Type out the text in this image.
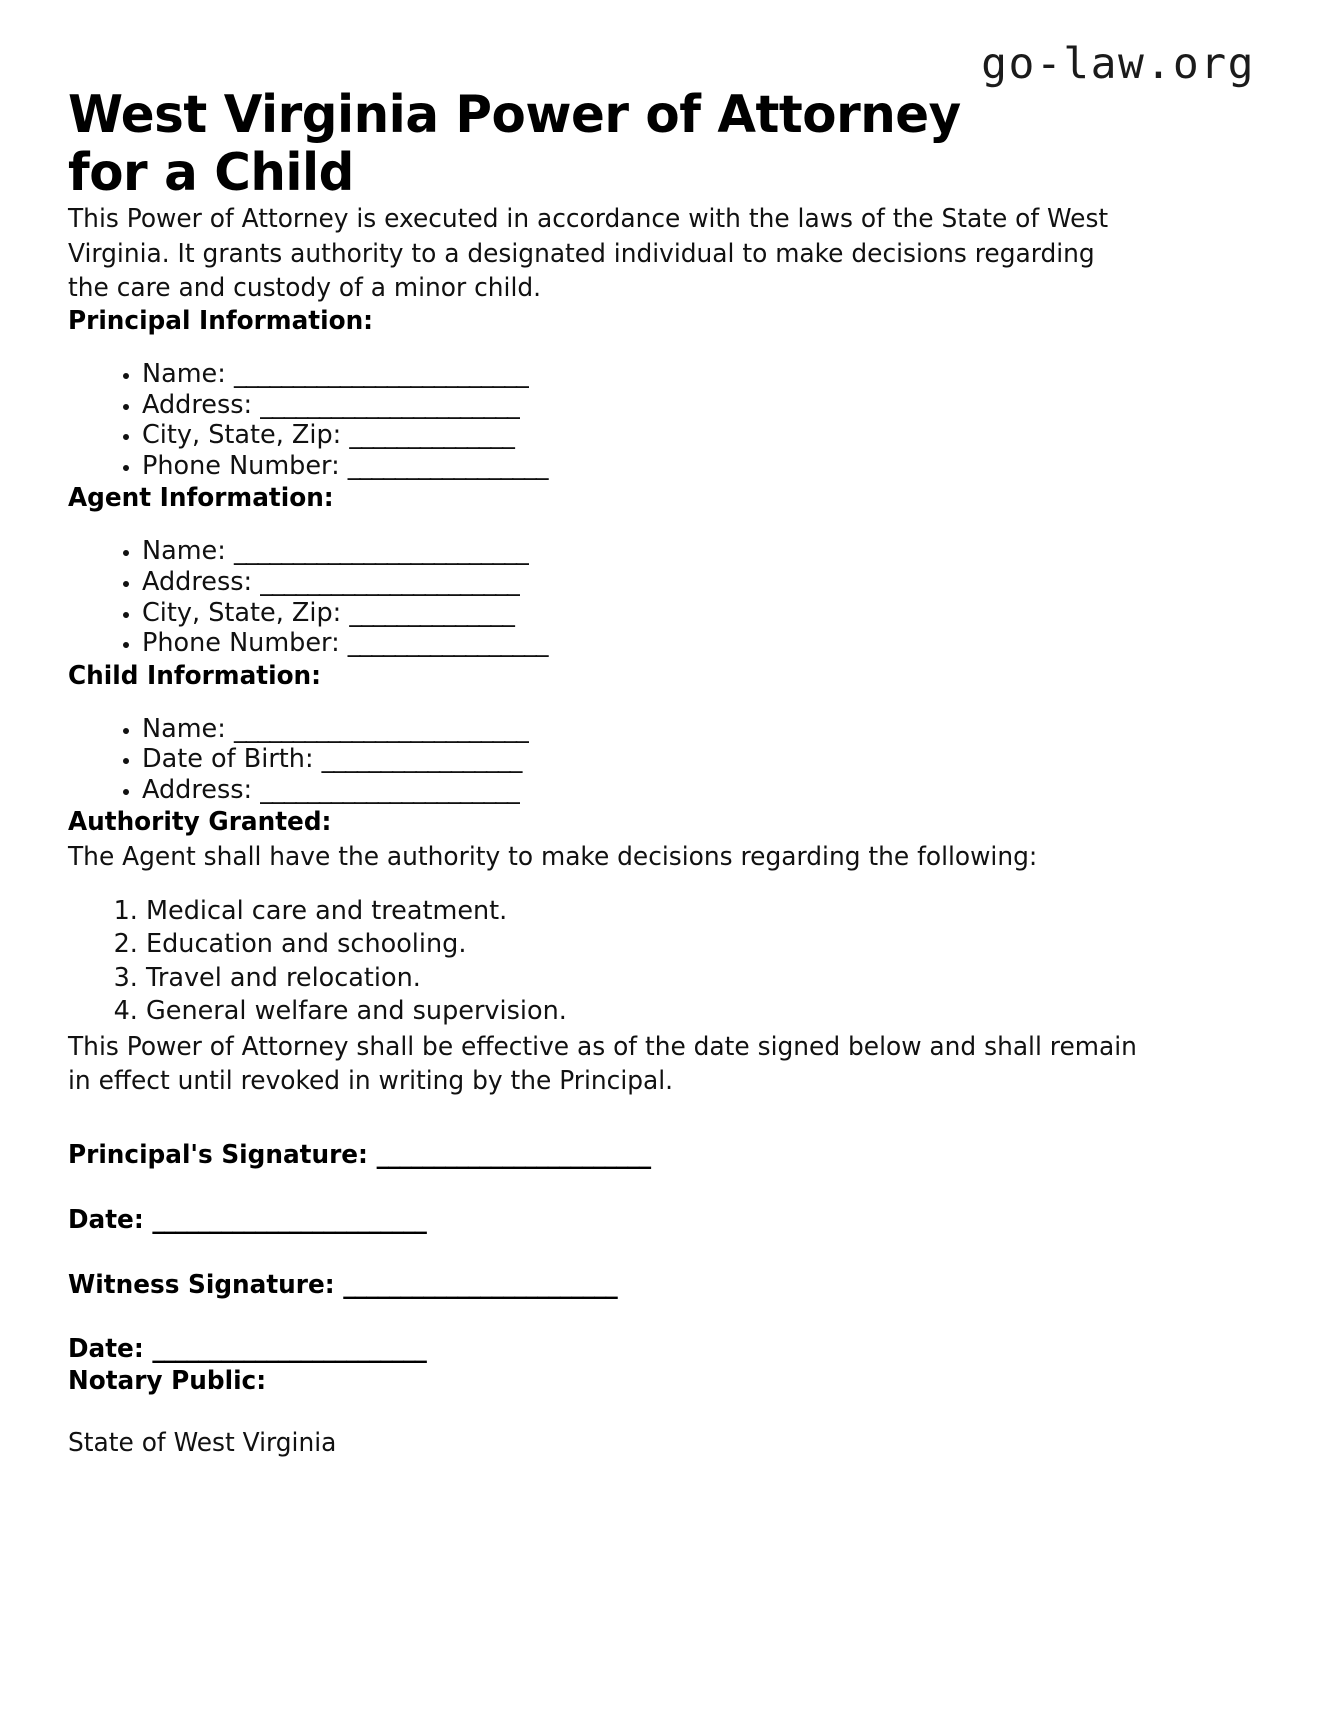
go-law.org
West Virginia Power of Attorney for a Child

This Power of Attorney is executed in accordance with the laws of the State of West Virginia. It grants authority to a designated individual to make decisions regarding the care and custody of a minor child.

Principal Information:
• Name: _________________________
• Address: ______________________
• City, State, Zip: ______________
• Phone Number: _________________
Agent Information:
• Name: _________________________
• Address: ______________________
• City, State, Zip: ______________
• Phone Number: _________________
Child Information:
• Name: _________________________
• Date of Birth: _________________
• Address: ______________________
Authority Granted:

The Agent shall have the authority to make decisions regarding the following:

1. Medical care and treatment.
2. Education and schooling.
3. Travel and relocation.
4. General welfare and supervision.

This Power of Attorney shall be effective as of the date signed below and shall remain in effect until revoked in writing by the Principal.

Principal's Signature: ________________________

Date: ________________________

Witness Signature: ________________________

Date: ________________________

Notary Public:

State of West Virginia
